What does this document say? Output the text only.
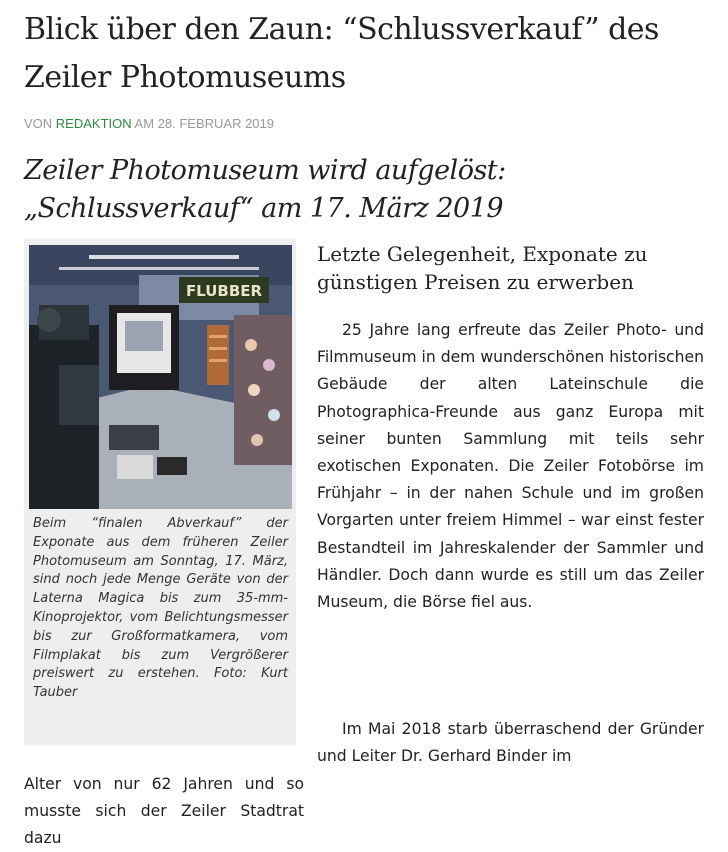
Blick über den Zaun: “Schlussverkauf” des Zeiler Photomuseums
VON REDAKTION AM 28. FEBRUAR 2019
Zeiler Photomuseum wird aufgelöst: „Schlussverkauf“ am 17. März 2019
FLUBBER

Beim “finalen Abverkauf” der Exponate aus dem früheren Zeiler Photomuseum am Sonntag, 17. März, sind noch jede Menge Geräte von der Laterna Magica bis zum 35-mm-Kinoprojektor, vom Belichtungsmesser bis zur Großformatkamera, vom Filmplakat bis zum Vergrößerer preiswert zu erstehen. Foto: Kurt Tauber

Letzte Gelegenheit, Exponate zu günstigen Preisen zu erwerben

25 Jahre lang erfreute das Zeiler Photo- und Filmmuseum in dem wunderschönen historischen Gebäude der alten Lateinschule die Photographica-Freunde aus ganz Europa mit seiner bunten Sammlung mit teils sehr exotischen Exponaten. Die Zeiler Fotobörse im Frühjahr – in der nahen Schule und im großen Vorgarten unter freiem Himmel – war einst fester Bestandteil im Jahreskalender der Sammler und Händler. Doch dann wurde es still um das Zeiler Museum, die Börse fiel aus.

Im Mai 2018 starb überraschend der Gründer und Leiter Dr. Gerhard Binder im

Alter von nur 62 Jahren und so musste sich der Zeiler Stadtrat dazu
